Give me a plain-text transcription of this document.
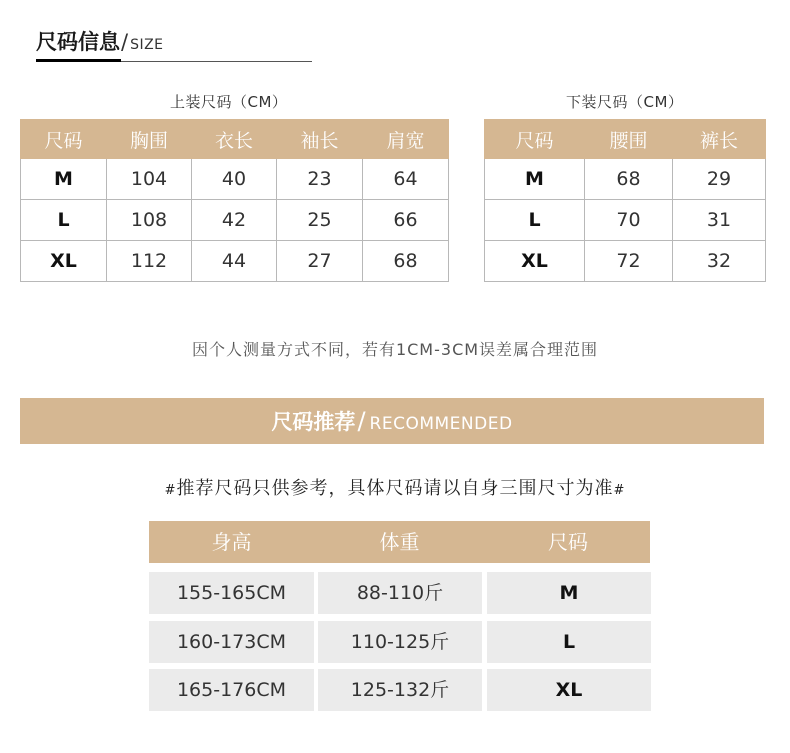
尺码信息/ SIZE
上装尺码（CM）
尺码	胸围	衣长	袖长	肩宽
M	104	40	23	64
L	108	42	25	66
XL	112	44	27	68
下装尺码（CM）
尺码	腰围	裤长
M	68	29
L	70	31
XL	72	32
因个人测量方式不同，若有1CM-3CM误差属合理范围
尺码推荐/ RECOMMENDED
#推荐尺码只供参考，具体尺码请以自身三围尺寸为准#
身高	体重	尺码
155-165CM	88-110斤	M
160-173CM	110-125斤	L
165-176CM	125-132斤	XL
